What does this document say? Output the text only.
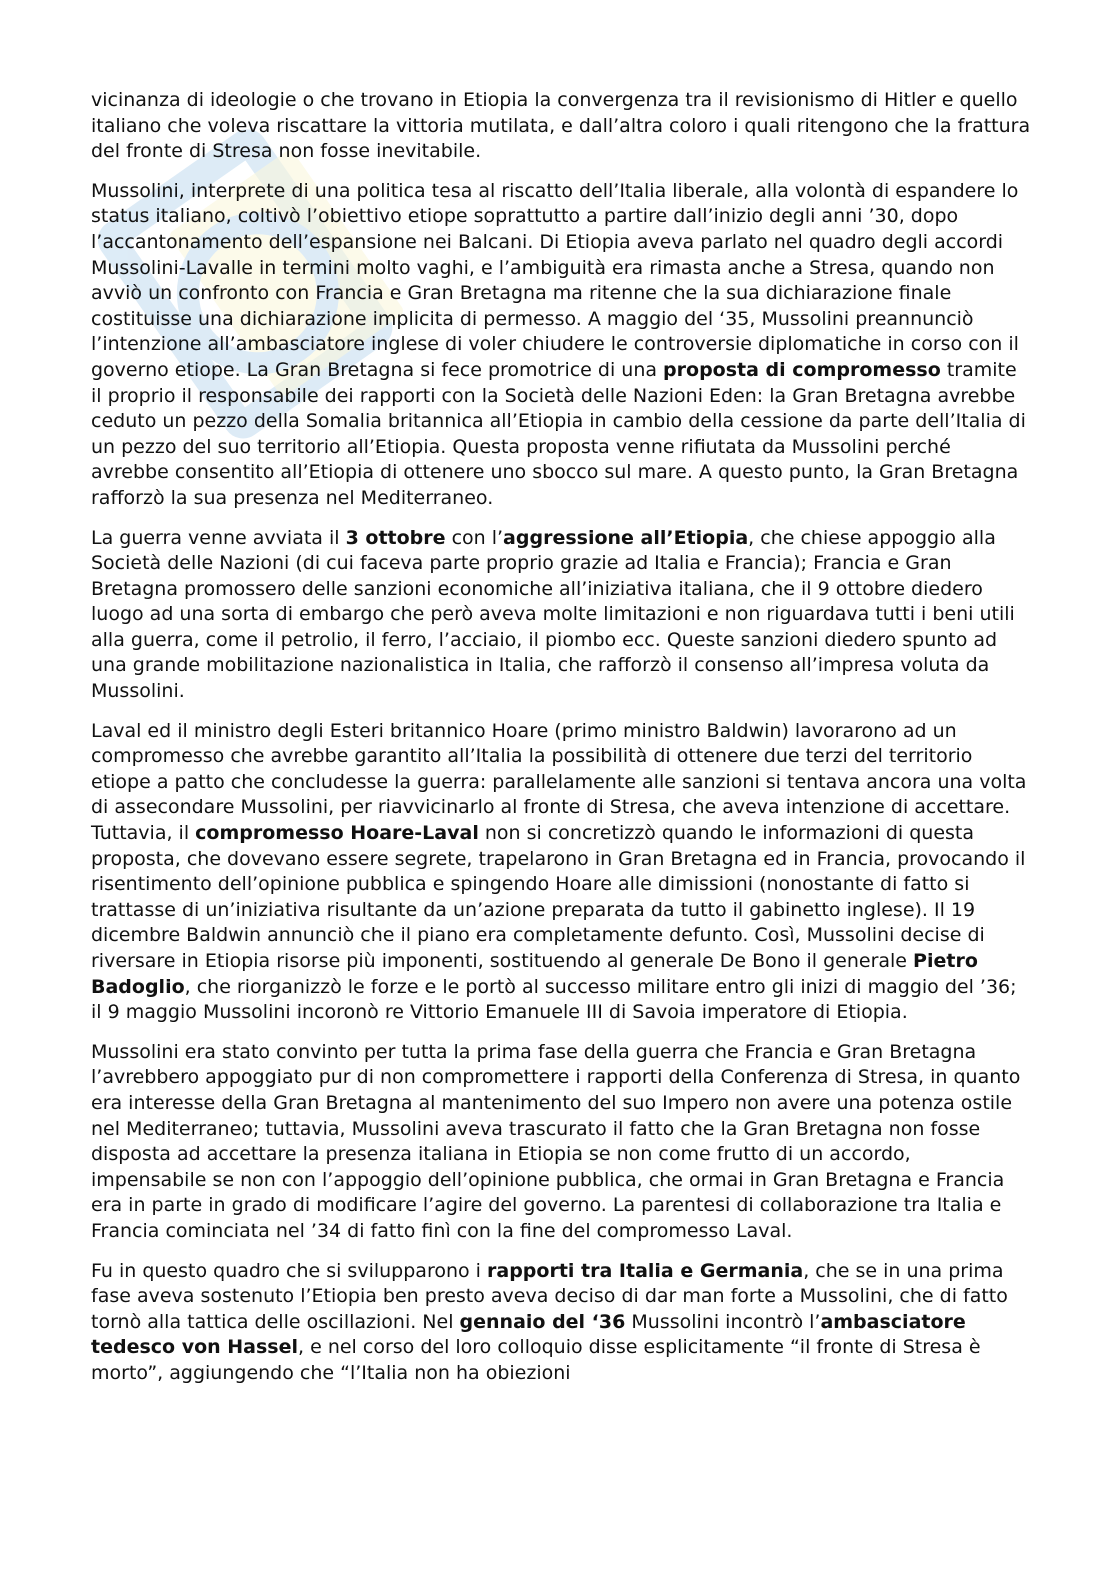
vicinanza di ideologie o che trovano in Etiopia la convergenza tra il revisionismo di Hitler e quello italiano che voleva riscattare la vittoria mutilata, e dall’altra coloro i quali ritengono che la frattura del fronte di Stresa non fosse inevitabile.

Mussolini, interprete di una politica tesa al riscatto dell’Italia liberale, alla volontà di espandere lo status italiano, coltivò l’obiettivo etiope soprattutto a partire dall’inizio degli anni ’30, dopo l’accantonamento dell’espansione nei Balcani. Di Etiopia aveva parlato nel quadro degli accordi Mussolini-Lavalle in termini molto vaghi, e l’ambiguità era rimasta anche a Stresa, quando non avviò un confronto con Francia e Gran Bretagna ma ritenne che la sua dichiarazione finale costituisse una dichiarazione implicita di permesso. A maggio del ‘35, Mussolini preannunciò l’intenzione all’ambasciatore inglese di voler chiudere le controversie diplomatiche in corso con il governo etiope. La Gran Bretagna si fece promotrice di una proposta di compromesso tramite il proprio il responsabile dei rapporti con la Società delle Nazioni Eden: la Gran Bretagna avrebbe ceduto un pezzo della Somalia britannica all’Etiopia in cambio della cessione da parte dell’Italia di un pezzo del suo territorio all’Etiopia. Questa proposta venne rifiutata da Mussolini perché avrebbe consentito all’Etiopia di ottenere uno sbocco sul mare. A questo punto, la Gran Bretagna rafforzò la sua presenza nel Mediterraneo.

La guerra venne avviata il 3 ottobre con l’aggressione all’Etiopia, che chiese appoggio alla Società delle Nazioni (di cui faceva parte proprio grazie ad Italia e Francia); Francia e Gran Bretagna promossero delle sanzioni economiche all’iniziativa italiana, che il 9 ottobre diedero luogo ad una sorta di embargo che però aveva molte limitazioni e non riguardava tutti i beni utili alla guerra, come il petrolio, il ferro, l’acciaio, il piombo ecc. Queste sanzioni diedero spunto ad una grande mobilitazione nazionalistica in Italia, che rafforzò il consenso all’impresa voluta da Mussolini.

Laval ed il ministro degli Esteri britannico Hoare (primo ministro Baldwin) lavorarono ad un compromesso che avrebbe garantito all’Italia la possibilità di ottenere due terzi del territorio etiope a patto che concludesse la guerra: parallelamente alle sanzioni si tentava ancora una volta di assecondare Mussolini, per riavvicinarlo al fronte di Stresa, che aveva intenzione di accettare. Tuttavia, il compromesso Hoare-Laval non si concretizzò quando le informazioni di questa proposta, che dovevano essere segrete, trapelarono in Gran Bretagna ed in Francia, provocando il risentimento dell’opinione pubblica e spingendo Hoare alle dimissioni (nonostante di fatto si trattasse di un’iniziativa risultante da un’azione preparata da tutto il gabinetto inglese). Il 19 dicembre Baldwin annunciò che il piano era completamente defunto. Così, Mussolini decise di riversare in Etiopia risorse più imponenti, sostituendo al generale De Bono il generale Pietro Badoglio, che riorganizzò le forze e le portò al successo militare entro gli inizi di maggio del ’36; il 9 maggio Mussolini incoronò re Vittorio Emanuele III di Savoia imperatore di Etiopia.

Mussolini era stato convinto per tutta la prima fase della guerra che Francia e Gran Bretagna l’avrebbero appoggiato pur di non compromettere i rapporti della Conferenza di Stresa, in quanto era interesse della Gran Bretagna al mantenimento del suo Impero non avere una potenza ostile nel Mediterraneo; tuttavia, Mussolini aveva trascurato il fatto che la Gran Bretagna non fosse disposta ad accettare la presenza italiana in Etiopia se non come frutto di un accordo, impensabile se non con l’appoggio dell’opinione pubblica, che ormai in Gran Bretagna e Francia era in parte in grado di modificare l’agire del governo. La parentesi di collaborazione tra Italia e Francia cominciata nel ’34 di fatto finì con la fine del compromesso Laval.

Fu in questo quadro che si svilupparono i rapporti tra Italia e Germania, che se in una prima fase aveva sostenuto l’Etiopia ben presto aveva deciso di dar man forte a Mussolini, che di fatto tornò alla tattica delle oscillazioni. Nel gennaio del ‘36 Mussolini incontrò l’ambasciatore tedesco von Hassel, e nel corso del loro colloquio disse esplicitamente “il fronte di Stresa è morto”, aggiungendo che “l’Italia non ha obiezioni
